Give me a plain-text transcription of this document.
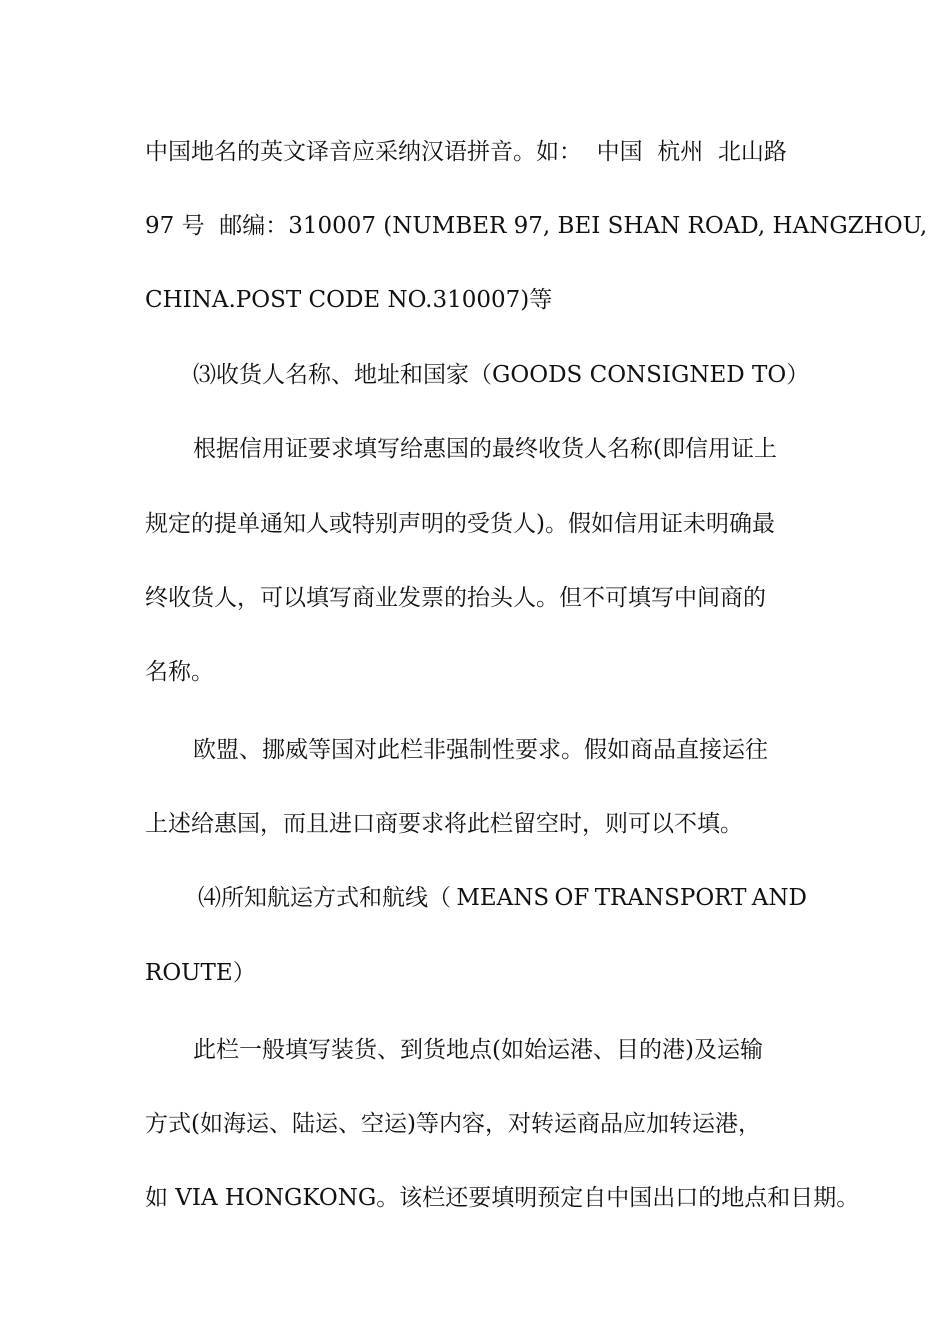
中国地名的英文译音应采纳汉语拼音。如：  中国  杭州  北山路
97 号  邮编：310007 (NUMBER 97, BEI SHAN ROAD, HANGZHOU,
CHINA.POST CODE NO.310007)等
⑶收货人名称、地址和国家（GOODS CONSIGNED TO）
根据信用证要求填写给惠国的最终收货人名称(即信用证上
规定的提单通知人或特别声明的受货人)。假如信用证未明确最
终收货人，可以填写商业发票的抬头人。但不可填写中间商的
名称。
欧盟、挪威等国对此栏非强制性要求。假如商品直接运往
上述给惠国，而且进口商要求将此栏留空时，则可以不填。
⑷所知航运方式和航线（ MEANS OF TRANSPORT AND
ROUTE）
此栏一般填写装货、到货地点(如始运港、目的港)及运输
方式(如海运、陆运、空运)等内容，对转运商品应加转运港，
如 VIA HONGKONG。该栏还要填明预定自中国出口的地点和日期。
